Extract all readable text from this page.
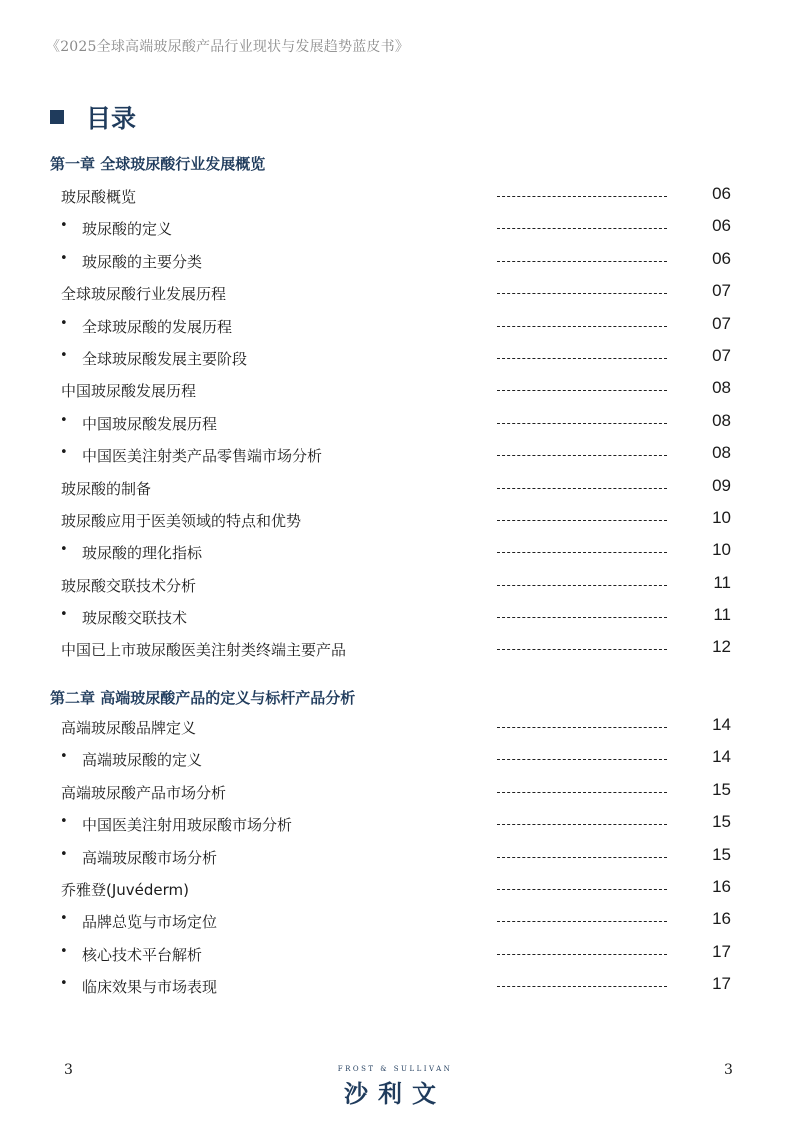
《2025全球高端玻尿酸产品行业现状与发展趋势蓝皮书》
目录
第一章 全球玻尿酸行业发展概览
玻尿酸概览	06
• 玻尿酸的定义	06
• 玻尿酸的主要分类	06
全球玻尿酸行业发展历程	07
• 全球玻尿酸的发展历程	07
• 全球玻尿酸发展主要阶段	07
中国玻尿酸发展历程	08
• 中国玻尿酸发展历程	08
• 中国医美注射类产品零售端市场分析	08
玻尿酸的制备	09
玻尿酸应用于医美领域的特点和优势	10
• 玻尿酸的理化指标	10
玻尿酸交联技术分析	11
• 玻尿酸交联技术	11
中国已上市玻尿酸医美注射类终端主要产品	12
第二章 高端玻尿酸产品的定义与标杆产品分析
高端玻尿酸品牌定义	14
• 高端玻尿酸的定义	14
高端玻尿酸产品市场分析	15
• 中国医美注射用玻尿酸市场分析	15
• 高端玻尿酸市场分析	15
乔雅登(Juvéderm)	16
• 品牌总览与市场定位	16
• 核心技术平台解析	17
• 临床效果与市场表现	17
3	FROST & SULLIVAN
沙利文
3
